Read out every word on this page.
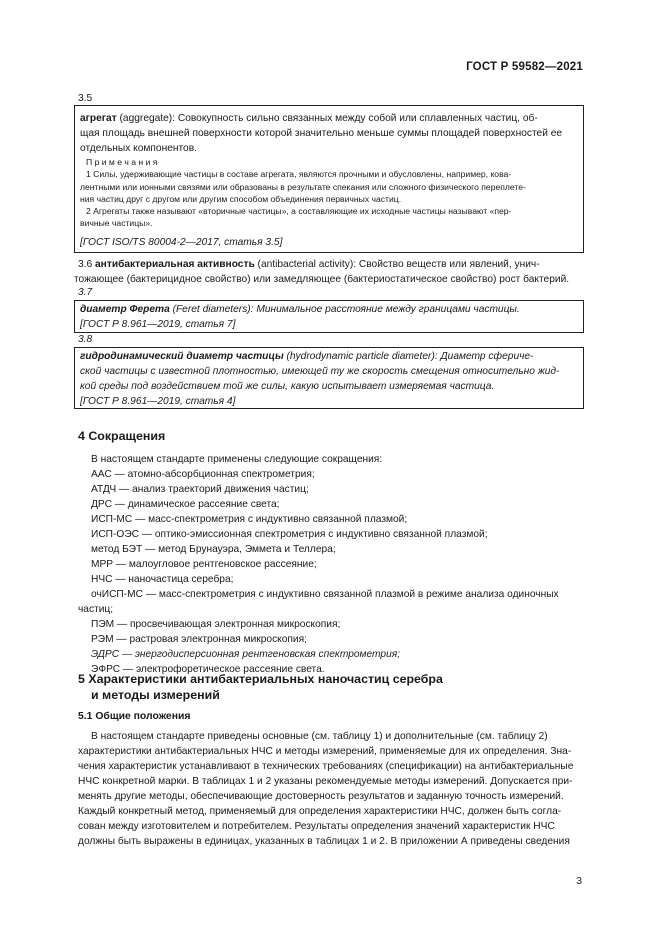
ГОСТ Р 59582—2021
3.5
агрегат (aggregate): Совокупность сильно связанных между собой или сплавленных частиц, об-
щая площадь внешней поверхности которой значительно меньше суммы площадей поверхностей ее
отдельных компонентов.
П р и м е ч а н и я
1 Силы, удерживающие частицы в составе агрегата, являются прочными и обусловлены, например, кова-
лентными или ионными связями или образованы в результате спекания или сложного физического переплете-
ния частиц друг с другом или другим способом объединения первичных частиц.
2 Агрегаты также называют «вторичные частицы», а составляющие их исходные частицы называют «пер-
вичные частицы».
[ГОСТ ISO/TS 80004-2—2017, статья 3.5]
3.6 антибактериальная активность (antibacterial activity): Свойство веществ или явлений, унич-
тожающее (бактерицидное свойство) или замедляющее (бактериостатическое свойство) рост бактерий.
3.7
диаметр Ферета (Feret diameters): Минимальное расстояние между границами частицы.
[ГОСТ Р 8.961—2019, статья 7]
3.8
гидродинамический диаметр частицы (hydrodynamic particle diameter): Диаметр сфериче-
ской частицы с известной плотностью, имеющей ту же скорость смещения относительно жид-
кой среды под воздействием той же силы, какую испытывает измеряемая частица.
[ГОСТ Р 8.961—2019, статья 4]
4 Сокращения
В настоящем стандарте применены следующие сокращения:
ААС — атомно-абсорбционная спектрометрия;
АТДЧ — анализ траекторий движения частиц;
ДРС — динамическое рассеяние света;
ИСП-МС — масс-спектрометрия с индуктивно связанной плазмой;
ИСП-ОЭС — оптико-эмиссионная спектрометрия с индуктивно связанной плазмой;
метод БЭТ — метод Брунауэра, Эммета и Теллера;
МРР — малоугловое рентгеновское рассеяние;
НЧС — наночастица серебра;
очИСП-МС — масс-спектрометрия с индуктивно связанной плазмой в режиме анализа одиночных
частиц;
ПЭМ — просвечивающая электронная микроскопия;
РЭМ — растровая электронная микроскопия;
ЭДРС — энергодисперсионная рентгеновская спектрометрия;
ЭФРС — электрофоретическое рассеяние света.
5 Характеристики антибактериальных наночастиц серебра
и методы измерений
5.1 Общие положения
В настоящем стандарте приведены основные (см. таблицу 1) и дополнительные (см. таблицу 2)
характеристики антибактериальных НЧС и методы измерений, применяемые для их определения. Зна-
чения характеристик устанавливают в технических требованиях (спецификации) на антибактериальные
НЧС конкретной марки. В таблицах 1 и 2 указаны рекомендуемые методы измерений. Допускается при-
менять другие методы, обеспечивающие достоверность результатов и заданную точность измерений.
Каждый конкретный метод, применяемый для определения характеристики НЧС, должен быть согла-
сован между изготовителем и потребителем. Результаты определения значений характеристик НЧС
должны быть выражены в единицах, указанных в таблицах 1 и 2. В приложении А приведены сведения
3
